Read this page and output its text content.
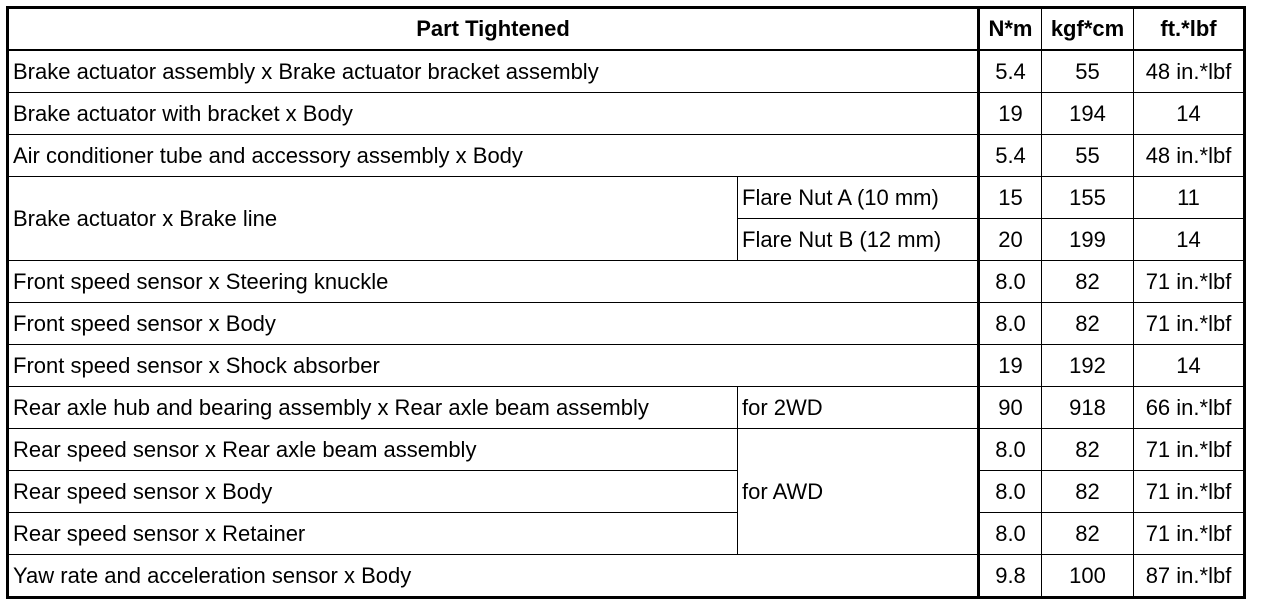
Part Tightened		N*m	kgf*cm	ft.*lbf
Brake actuator assembly x Brake actuator bracket assembly		5.4	55	48 in.*lbf
Brake actuator with bracket x Body		19	194	14
Air conditioner tube and accessory assembly x Body		5.4	55	48 in.*lbf
Brake actuator x Brake line	Flare Nut A (10 mm)	15	155	11
	Flare Nut B (12 mm)	20	199	14
Front speed sensor x Steering knuckle		8.0	82	71 in.*lbf
Front speed sensor x Body		8.0	82	71 in.*lbf
Front speed sensor x Shock absorber		19	192	14
Rear axle hub and bearing assembly x Rear axle beam assembly	for 2WD	90	918	66 in.*lbf
Rear speed sensor x Rear axle beam assembly	for AWD	8.0	82	71 in.*lbf
Rear speed sensor x Body		8.0	82	71 in.*lbf
Rear speed sensor x Retainer		8.0	82	71 in.*lbf
Yaw rate and acceleration sensor x Body		9.8	100	87 in.*lbf
